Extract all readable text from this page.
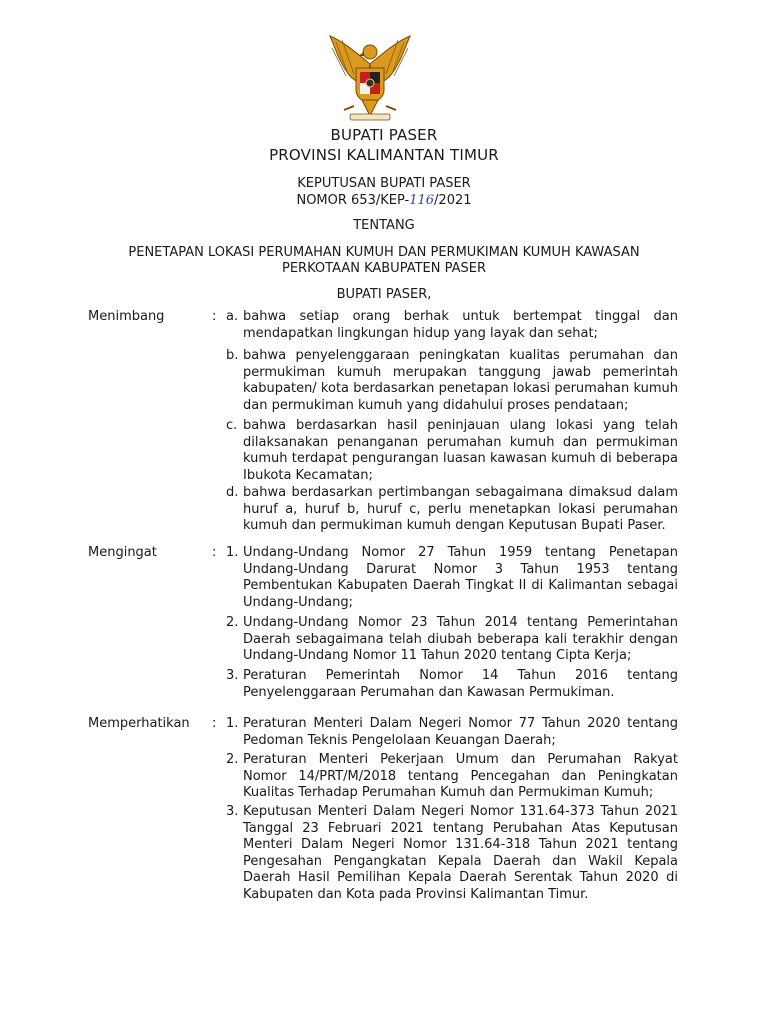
BUPATI PASER
PROVINSI KALIMANTAN TIMUR
KEPUTUSAN BUPATI PASER
NOMOR 653/KEP-116/2021
TENTANG
PENETAPAN LOKASI PERUMAHAN KUMUH DAN PERMUKIMAN KUMUH KAWASAN
PERKOTAAN KABUPATEN PASER
BUPATI PASER,
Menimbang	: a. bahwa setiap orang berhak untuk bertempat tinggal dan mendapatkan lingkungan hidup yang layak dan sehat;
b. bahwa penyelenggaraan peningkatan kualitas perumahan dan permukiman kumuh merupakan tanggung jawab pemerintah kabupaten/ kota berdasarkan penetapan lokasi perumahan kumuh dan permukiman kumuh yang didahului proses pendataan;
c. bahwa berdasarkan hasil peninjauan ulang lokasi yang telah dilaksanakan penanganan perumahan kumuh dan permukiman kumuh terdapat pengurangan luasan kawasan kumuh di beberapa Ibukota Kecamatan;
d. bahwa berdasarkan pertimbangan sebagaimana dimaksud dalam huruf a, huruf b, huruf c, perlu menetapkan lokasi perumahan kumuh dan permukiman kumuh dengan Keputusan Bupati Paser.
Mengingat	: 1. Undang-Undang Nomor 27 Tahun 1959 tentang Penetapan Undang-Undang Darurat Nomor 3 Tahun 1953 tentang Pembentukan Kabupaten Daerah Tingkat II di Kalimantan sebagai Undang-Undang;
2. Undang-Undang Nomor 23 Tahun 2014 tentang Pemerintahan Daerah sebagaimana telah diubah beberapa kali terakhir dengan Undang-Undang Nomor 11 Tahun 2020 tentang Cipta Kerja;
3. Peraturan Pemerintah Nomor 14 Tahun 2016 tentang Penyelenggaraan Perumahan dan Kawasan Permukiman.
Memperhatikan : 1. Peraturan Menteri Dalam Negeri Nomor 77 Tahun 2020 tentang Pedoman Teknis Pengelolaan Keuangan Daerah;
2. Peraturan Menteri Pekerjaan Umum dan Perumahan Rakyat Nomor 14/PRT/M/2018 tentang Pencegahan dan Peningkatan Kualitas Terhadap Perumahan Kumuh dan Permukiman Kumuh;
3. Keputusan Menteri Dalam Negeri Nomor 131.64-373 Tahun 2021 Tanggal 23 Februari 2021 tentang Perubahan Atas Keputusan Menteri Dalam Negeri Nomor 131.64-318 Tahun 2021 tentang Pengesahan Pengangkatan Kepala Daerah dan Wakil Kepala Daerah Hasil Pemilihan Kepala Daerah Serentak Tahun 2020 di Kabupaten dan Kota pada Provinsi Kalimantan Timur.
